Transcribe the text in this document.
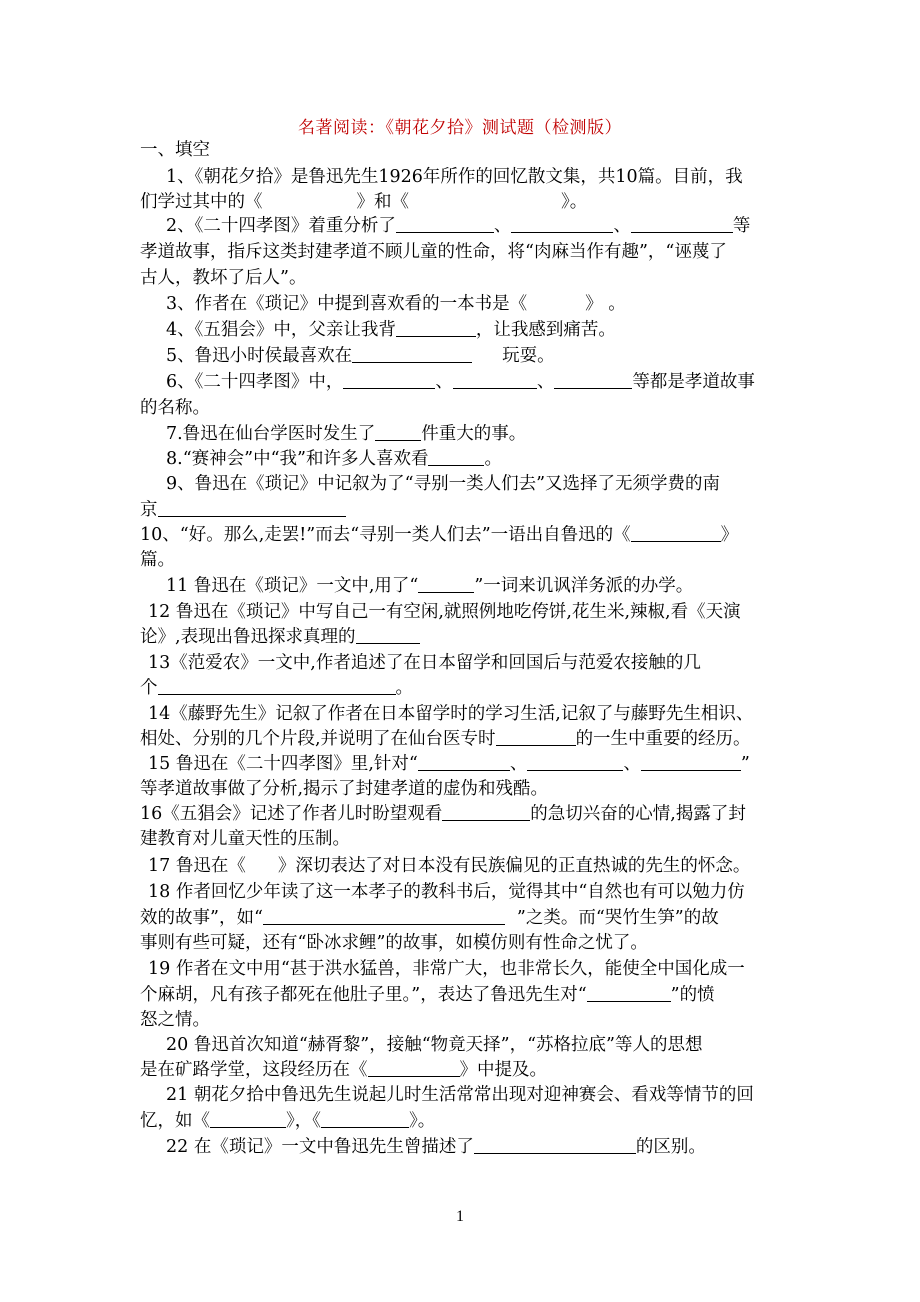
名著阅读：《朝花夕拾》测试题（检测版）
一、填空
1、《朝花夕拾》是鲁迅先生1926年所作的回忆散文集，共10篇。目前，我
们学过其中的《	》和《	》。
2、《二十四孝图》着重分析了	、	、	等
孝道故事，指斥这类封建孝道不顾儿童的性命，将“肉麻当作有趣”，“诬蔑了
古人，教坏了后人”。
3、作者在《琐记》中提到喜欢看的一本书是《	》 。
4、《五猖会》中，父亲让我背	，让我感到痛苦。
5、鲁迅小时侯最喜欢在	玩耍。
6、《二十四孝图》中，	、	、	等都是孝道故事
的名称。
7.鲁迅在仙台学医时发生了	件重大的事。
8.“赛神会”中“我”和许多人喜欢看	。
9、鲁迅在《琐记》中记叙为了“寻别一类人们去”又选择了无须学费的南
京
10、“好。那么,走罢!”而去“寻别一类人们去”一语出自鲁迅的《	》
篇。
11 鲁迅在《琐记》一文中,用了“	”一词来讥讽洋务派的办学。
12 鲁迅在《琐记》中写自己一有空闲,就照例地吃侉饼,花生米,辣椒,看《天演
论》,表现出鲁迅探求真理的
13《范爱农》一文中,作者追述了在日本留学和回国后与范爱农接触的几
个	。
14《藤野先生》记叙了作者在日本留学时的学习生活,记叙了与藤野先生相识、
相处、分别的几个片段,并说明了在仙台医专时	的一生中重要的经历。
15 鲁迅在《二十四孝图》里,针对“	、	、	”
等孝道故事做了分析,揭示了封建孝道的虚伪和残酷。
16《五猖会》记述了作者儿时盼望观看	的急切兴奋的心情,揭露了封
建教育对儿童天性的压制。
17 鲁迅在《 》深切表达了对日本没有民族偏见的正直热诚的先生的怀念。
18 作者回忆少年读了这一本孝子的教科书后，觉得其中“自然也有可以勉力仿
效的故事”，如“	”之类。而“哭竹生笋”的故
事则有些可疑，还有“卧冰求鲤”的故事，如模仿则有性命之忧了。
19 作者在文中用“甚于洪水猛兽，非常广大，也非常长久，能使全中国化成一
个麻胡，凡有孩子都死在他肚子里。”，表达了鲁迅先生对“	”的愤
怒之情。
20 鲁迅首次知道“赫胥黎”，接触“物竟天择”，“苏格拉底”等人的思想
是在矿路学堂，这段经历在《	》中提及。
21 朝花夕拾中鲁迅先生说起儿时生活常常出现对迎神赛会、看戏等情节的回
忆，如《	》，《	》。
22 在《琐记》一文中鲁迅先生曾描述了	的区别。
1
